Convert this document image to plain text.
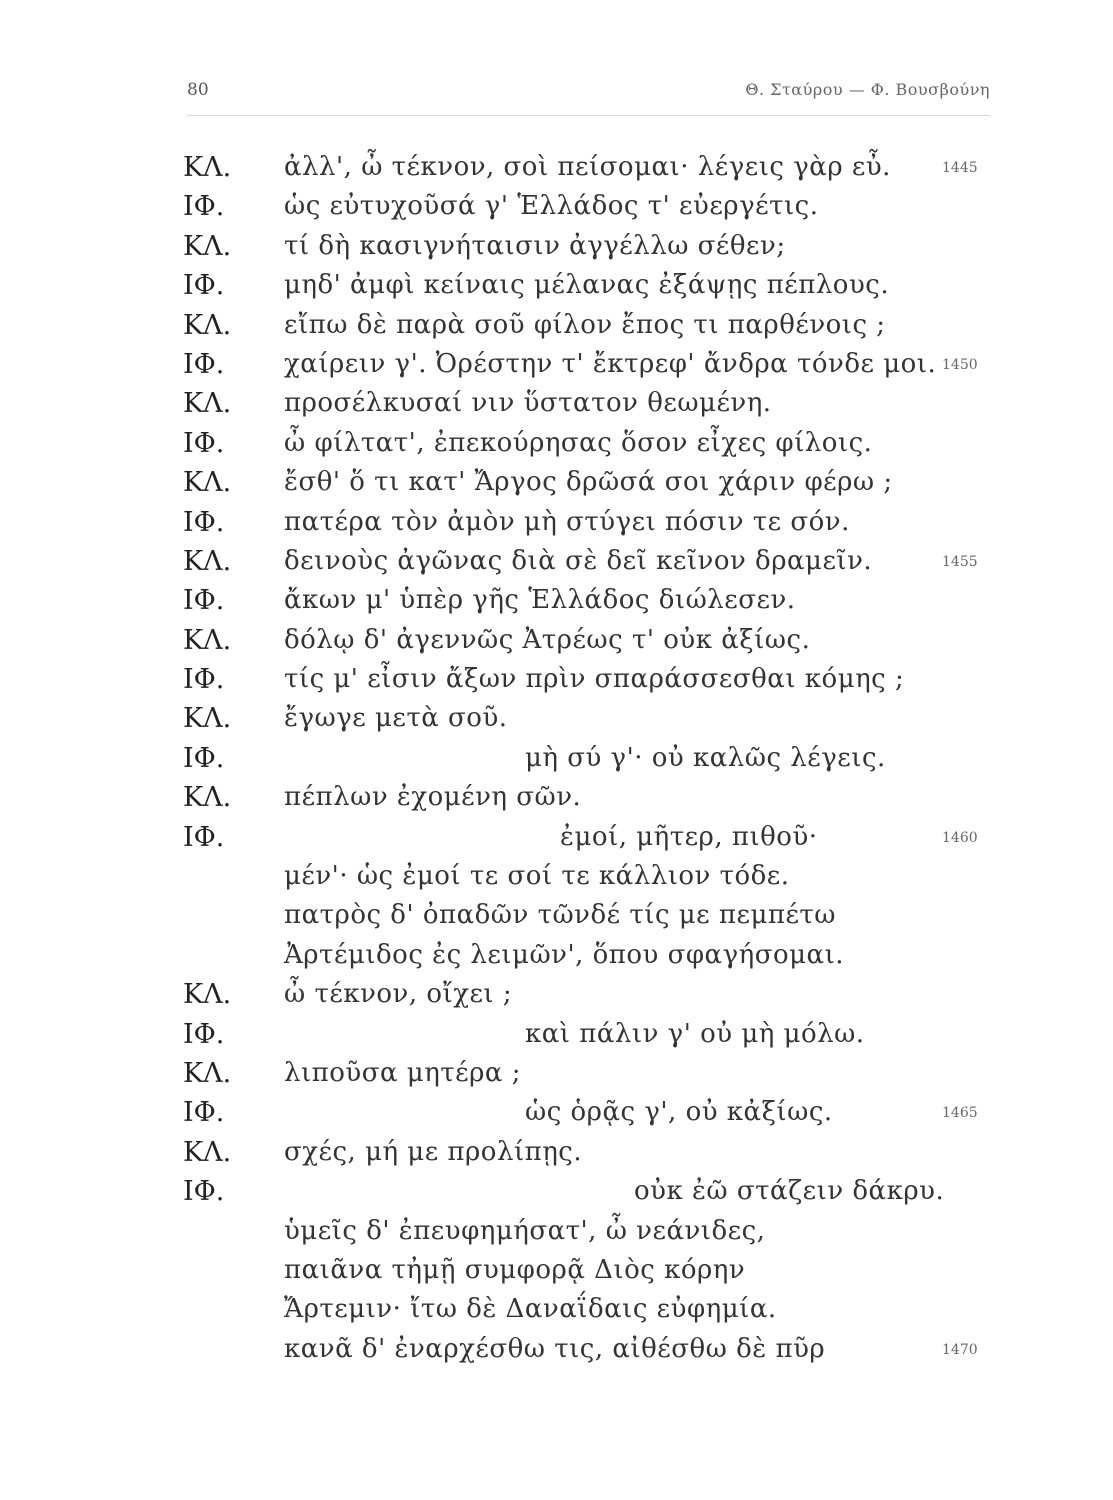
80	Θ. Σταύρου — Φ. Βουσβούνη
ΚΛ. ἀλλ', ὦ τέκνον, σοὶ πείσομαι· λέγεις γὰρ εὖ.	1445
ΙΦ. ὡς εὐτυχοῦσά γ' Ἑλλάδος τ' εὐεργέτις.
ΚΛ. τί δὴ κασιγνήταισιν ἀγγέλλω σέθεν;
ΙΦ. μηδ' ἀμφὶ κείναις μέλανας ἐξάψῃς πέπλους.
ΚΛ. εἴπω δὲ παρὰ σοῦ φίλον ἔπος τι παρθένοις ;
ΙΦ. χαίρειν γ'. Ὀρέστην τ' ἔκτρεφ' ἄνδρα τόνδε μοι. 1450
ΚΛ. προσέλκυσαί νιν ὕστατον θεωμένη.
ΙΦ. ὦ φίλτατ', ἐπεκούρησας ὅσον εἶχες φίλοις.
ΚΛ. ἔσθ' ὅ τι κατ' Ἄργος δρῶσά σοι χάριν φέρω ;
ΙΦ. πατέρα τὸν ἀμὸν μὴ στύγει πόσιν τε σόν.
ΚΛ. δεινοὺς ἀγῶνας διὰ σὲ δεῖ κεῖνον δραμεῖν.	1455
ΙΦ. ἄκων μ' ὑπὲρ γῆς Ἑλλάδος διώλεσεν.
ΚΛ. δόλῳ δ' ἀγεννῶς Ἀτρέως τ' οὐκ ἀξίως.
ΙΦ. τίς μ' εἶσιν ἄξων πρὶν σπαράσσεσθαι κόμης ;
ΚΛ. ἔγωγε μετὰ σοῦ.
ΙΦ.	μὴ σύ γ'· οὐ καλῶς λέγεις.
ΚΛ. πέπλων ἐχομένη σῶν.
ΙΦ.	ἐμοί, μῆτερ, πιθοῦ·	1460
μέν'· ὡς ἐμοί τε σοί τε κάλλιον τόδε.
πατρὸς δ' ὀπαδῶν τῶνδέ τίς με πεμπέτω
Ἀρτέμιδος ἐς λειμῶν', ὅπου σφαγήσομαι.
ΚΛ. ὦ τέκνον, οἴχει ;
ΙΦ.	καὶ πάλιν γ' οὐ μὴ μόλω.
ΚΛ. λιποῦσα μητέρα ;
ΙΦ.	ὡς ὁρᾷς γ', οὐ κἀξίως.	1465
ΚΛ. σχές, μή με προλίπῃς.
ΙΦ.	οὐκ ἐῶ στάζειν δάκρυ.
ὑμεῖς δ' ἐπευφημήσατ', ὦ νεάνιδες,
παιᾶνα τἠμῇ συμφορᾷ Διὸς κόρην
Ἄρτεμιν· ἴτω δὲ Δαναΐδαις εὐφημία.
κανᾶ δ' ἐναρχέσθω τις, αἰθέσθω δὲ πῦρ	1470
